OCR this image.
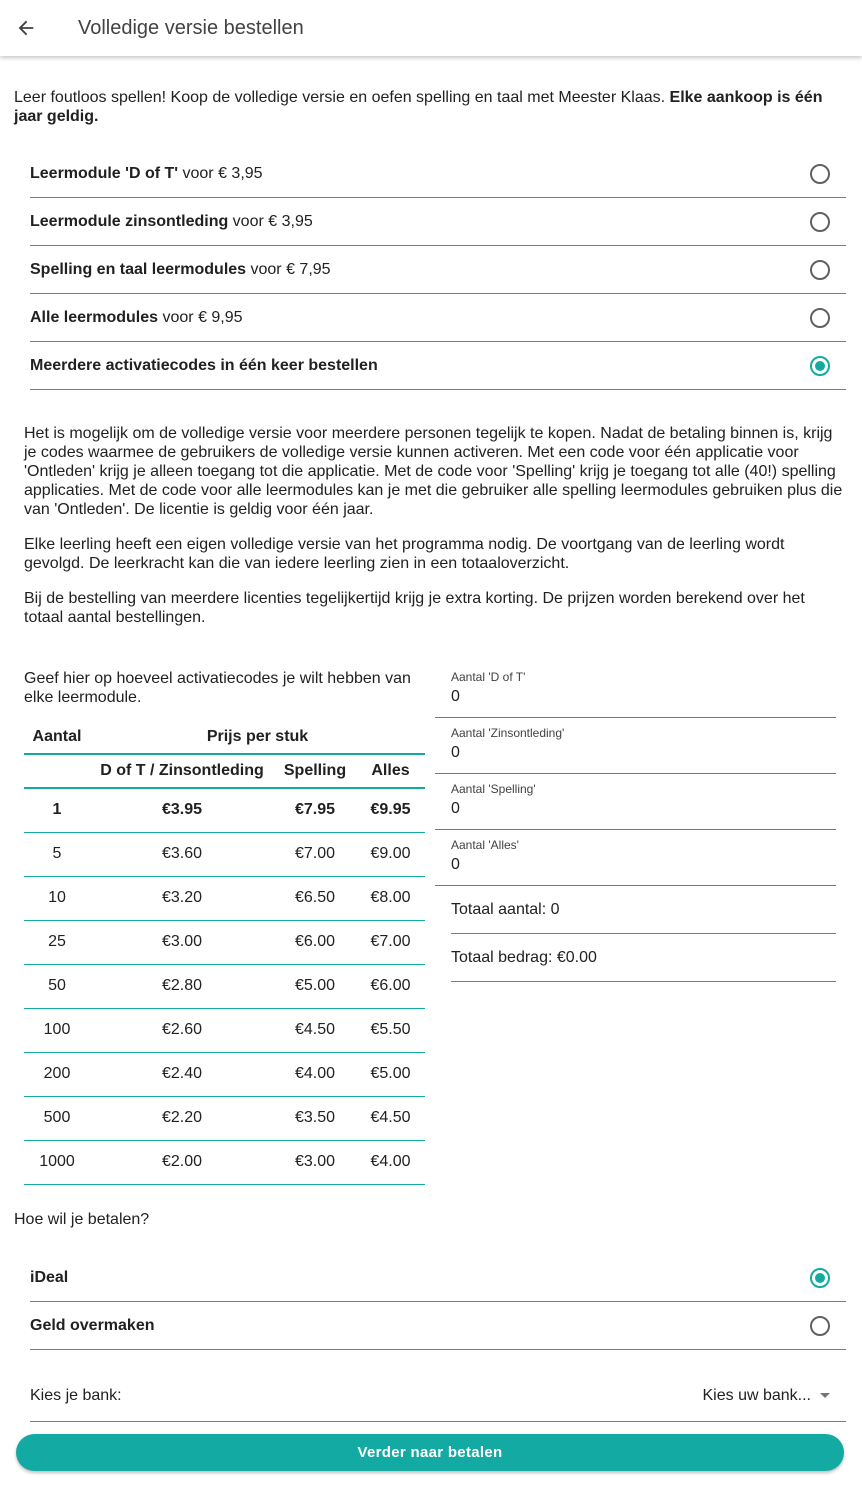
Volledige versie bestellen

Leer foutloos spellen! Koop de volledige versie en oefen spelling en taal met Meester Klaas. Elke aankoop is één jaar geldig.

Leermodule 'D of T' voor € 3,95
Leermodule zinsontleding voor € 3,95
Spelling en taal leermodules voor € 7,95
Alle leermodules voor € 9,95
Meerdere activatiecodes in één keer bestellen

Het is mogelijk om de volledige versie voor meerdere personen tegelijk te kopen. Nadat de betaling binnen is, krijg je codes waarmee de gebruikers de volledige versie kunnen activeren. Met een code voor één applicatie voor 'Ontleden' krijg je alleen toegang tot die applicatie. Met de code voor 'Spelling' krijg je toegang tot alle (40!) spelling applicaties. Met de code voor alle leermodules kan je met die gebruiker alle spelling leermodules gebruiken plus die van 'Ontleden'. De licentie is geldig voor één jaar.

Elke leerling heeft een eigen volledige versie van het programma nodig. De voortgang van de leerling wordt gevolgd. De leerkracht kan die van iedere leerling zien in een totaaloverzicht.

Bij de bestelling van meerdere licenties tegelijkertijd krijg je extra korting. De prijzen worden berekend over het totaal aantal bestellingen.

Geef hier op hoeveel activatiecodes je wilt hebben van elke leermodule.

Aantal	Prijs per stuk		
	D of T / Zinsontleding	Spelling	Alles
1	€3.95	€7.95	€9.95
5	€3.60	€7.00	€9.00
10	€3.20	€6.50	€8.00
25	€3.00	€6.00	€7.00
50	€2.80	€5.00	€6.00
100	€2.60	€4.50	€5.50
200	€2.40	€4.00	€5.00
500	€2.20	€3.50	€4.50
1000	€2.00	€3.00	€4.00
Aantal 'D of T'
0
Aantal 'Zinsontleding'
0
Aantal 'Spelling'
0
Aantal 'Alles'
0
Totaal aantal: 0
Totaal bedrag: €0.00

Hoe wil je betalen?

iDeal
Geld overmaken
Kies je bank:	Kies uw bank...
Verder naar betalen
